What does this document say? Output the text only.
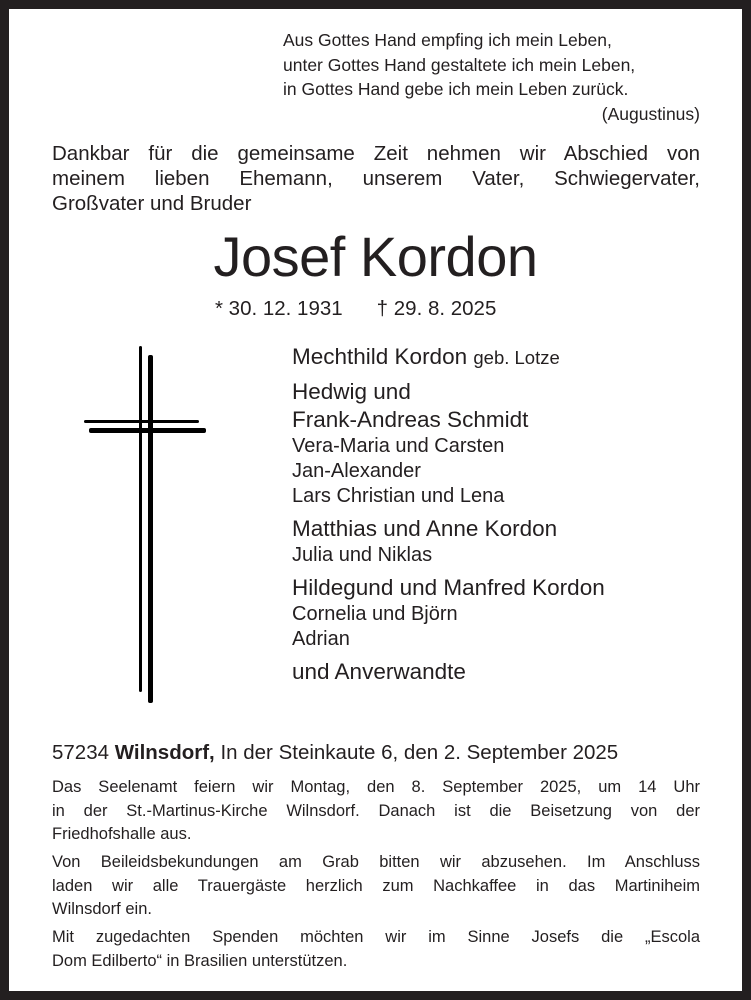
Aus Gottes Hand empfing ich mein Leben,
unter Gottes Hand gestaltete ich mein Leben,
in Gottes Hand gebe ich mein Leben zurück.
(Augustinus)
Dankbar für die gemeinsame Zeit nehmen wir Abschied von
meinem lieben Ehemann, unserem Vater, Schwiegervater,
Großvater und Bruder
Josef Kordon
* 30. 12. 1931 † 29. 8. 2025
Mechthild Kordon geb. Lotze
Hedwig und
Frank-Andreas Schmidt
Vera-Maria und Carsten
Jan-Alexander
Lars Christian und Lena
Matthias und Anne Kordon
Julia und Niklas
Hildegund und Manfred Kordon
Cornelia und Björn
Adrian
und Anverwandte
57234 Wilnsdorf, In der Steinkaute 6, den 2. September 2025
Das Seelenamt feiern wir Montag, den 8. September 2025, um 14 Uhr
in der St.-Martinus-Kirche Wilnsdorf. Danach ist die Beisetzung von der
Friedhofshalle aus.
Von Beileidsbekundungen am Grab bitten wir abzusehen. Im Anschluss
laden wir alle Trauergäste herzlich zum Nachkaffee in das Martiniheim
Wilnsdorf ein.
Mit zugedachten Spenden möchten wir im Sinne Josefs die „Escola
Dom Edilberto“ in Brasilien unterstützen.
